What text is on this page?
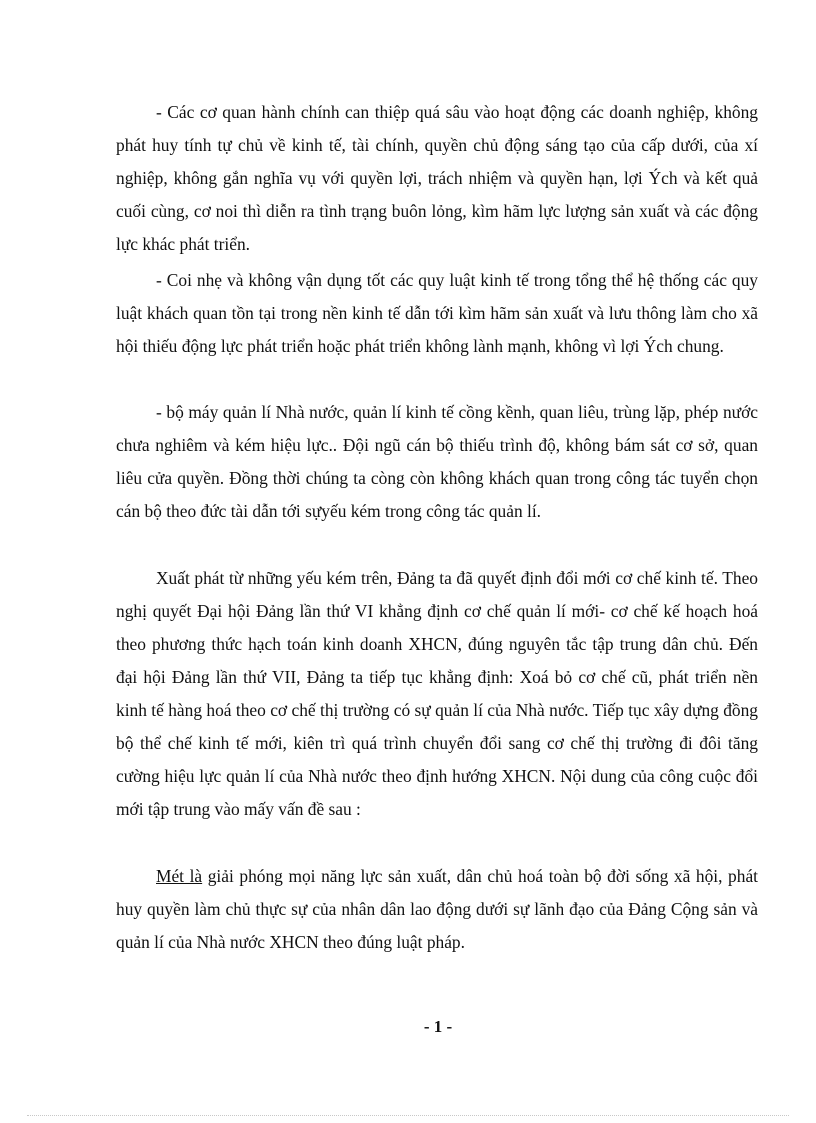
- Các cơ quan hành chính can thiệp quá sâu vào hoạt động các doanh nghiệp, không phát huy tính tự chủ về kinh tế, tài chính, quyền chủ động sáng tạo của cấp dưới, của xí nghiệp, không gắn nghĩa vụ với quyền lợi, trách nhiệm và quyền hạn, lợi Ých và kết quả cuối cùng, cơ noi thì diễn ra tình trạng buôn lỏng, kìm hãm lực lượng sản xuất và các động lực khác phát triển.

- Coi nhẹ và không vận dụng tốt các quy luật kinh tế trong tổng thể hệ thống các quy luật khách quan tồn tại trong nền kinh tế dẫn tới kìm hãm sản xuất và lưu thông làm cho xã hội thiếu động lực phát triển hoặc phát triển không lành mạnh, không vì lợi Ých chung.

- bộ máy quản lí Nhà nước, quản lí kinh tế cồng kềnh, quan liêu, trùng lặp, phép nước chưa nghiêm và kém hiệu lực.. Đội ngũ cán bộ thiếu trình độ, không bám sát cơ sở, quan liêu cửa quyền. Đồng thời chúng ta còng còn không khách quan trong công tác tuyển chọn cán bộ theo đức tài dẫn tới sựyếu kém trong công tác quản lí.

Xuất phát từ những yếu kém trên, Đảng ta đã quyết định đổi mới cơ chế kinh tế. Theo nghị quyết Đại hội Đảng lần thứ VI khẳng định cơ chế quản lí mới- cơ chế kế hoạch hoá theo phương thức hạch toán kinh doanh XHCN, đúng nguyên tắc tập trung dân chủ. Đến đại hội Đảng lần thứ VII, Đảng ta tiếp tục khẳng định: Xoá bỏ cơ chế cũ, phát triển nền kinh tế hàng hoá theo cơ chế thị trường có sự quản lí của Nhà nước. Tiếp tục xây dựng đồng bộ thể chế kinh tế mới, kiên trì quá trình chuyển đổi sang cơ chế thị trường đi đôi tăng cường hiệu lực quản lí của Nhà nước theo định hướng XHCN. Nội dung của công cuộc đổi mới tập trung vào mấy vấn đề sau :

Mét là giải phóng mọi năng lực sản xuất, dân chủ hoá toàn bộ đời sống xã hội, phát huy quyền làm chủ thực sự của nhân dân lao động dưới sự lãnh đạo của Đảng Cộng sản và quản lí của Nhà nước XHCN theo đúng luật pháp.

- 1 -
